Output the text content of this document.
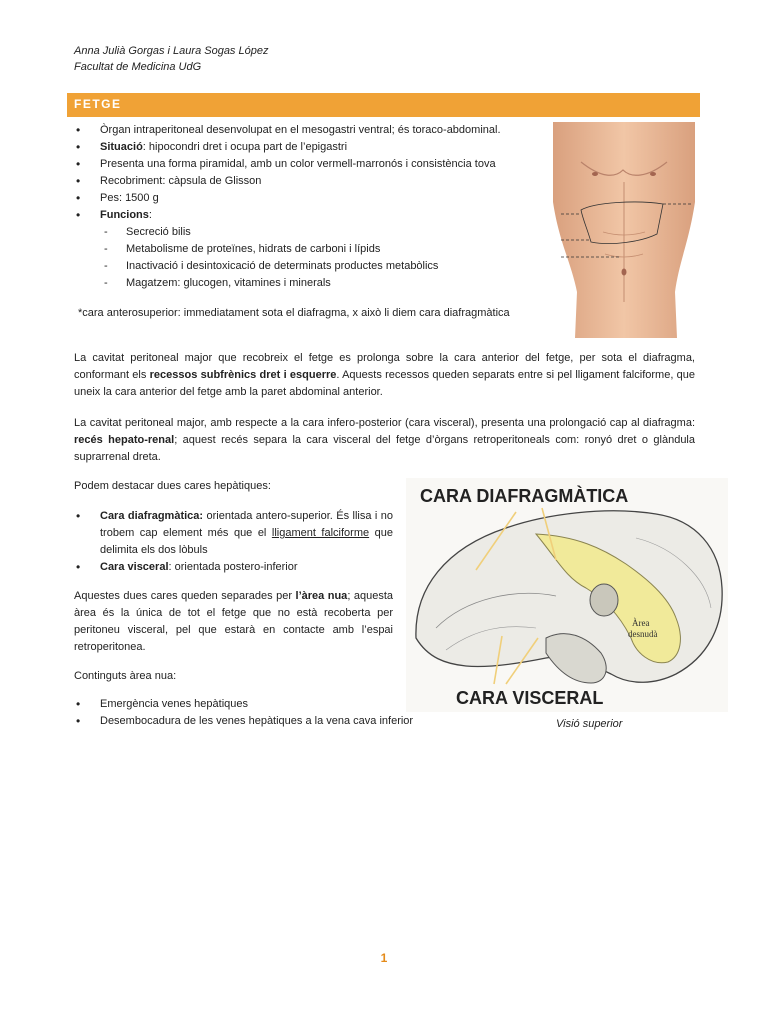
Anna Julià Gorgas i Laura Sogas López
Facultat de Medicina UdG
FETGE
• Òrgan intraperitoneal desenvolupat en el mesogastri ventral; és toraco-abdominal.
• Situació: hipocondri dret i ocupa part de l’epigastri
• Presenta una forma piramidal, amb un color vermell-marronós i consistència tova
• Recobriment: càpsula de Glisson
• Pes: 1500 g
• Funcions:
- Secreció bilis
- Metabolisme de proteïnes, hidrats de carboni i lípids
- Inactivació i desintoxicació de determinats productes metabòlics
- Magatzem: glucogen, vitamines i minerals

*cara anterosuperior: immediatament sota el diafragma, x això li diem cara diafragmàtica

La cavitat peritoneal major que recobreix el fetge es prolonga sobre la cara anterior del fetge, per sota el diafragma, conformant els recessos subfrènics dret i esquerre. Aquests recessos queden separats entre si pel lligament falciforme, que uneix la cara anterior del fetge amb la paret abdominal anterior.

La cavitat peritoneal major, amb respecte a la cara infero-posterior (cara visceral), presenta una prolongació cap al diafragma: recés hepato-renal; aquest recés separa la cara visceral del fetge d’òrgans retroperitoneals com: ronyó dret o glàndula suprarrenal dreta.

Podem destacar dues cares hepàtiques:

• Cara diafragmàtica: orientada antero-superior. És llisa i no trobem cap element més que el lligament falciforme que delimita els dos lòbuls
• Cara visceral: orientada postero-inferior

Aquestes dues cares queden separades per l’àrea nua; aquesta àrea és la única de tot el fetge que no està recoberta per peritoneu visceral, pel que estarà en contacte amb l’espai retroperitonea.

Continguts àrea nua:

• Emergència venes hepàtiques
• Desembocadura de les venes hepàtiques a la vena cava inferior
CARA DIAFRAGMÀTICA
CARA VISCERAL
Àrea
desnudà
Visió superior
1
